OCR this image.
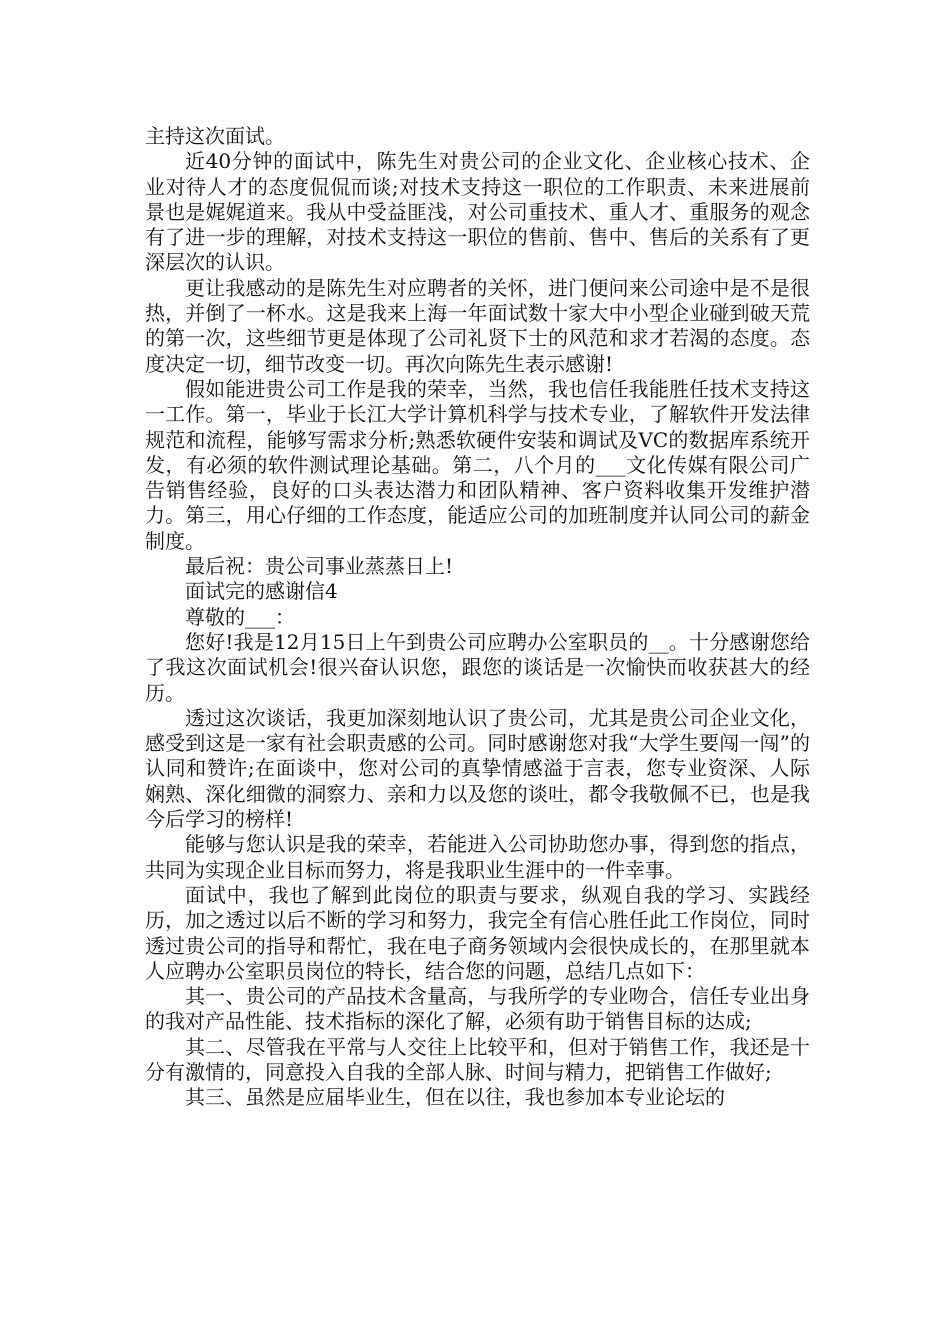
主持这次面试。

近40分钟的面试中，陈先生对贵公司的企业文化、企业核心技术、企业对待人才的态度侃侃而谈;对技术支持这一职位的工作职责、未来进展前景也是娓娓道来。我从中受益匪浅，对公司重技术、重人才、重服务的观念有了进一步的理解，对技术支持这一职位的售前、售中、售后的关系有了更深层次的认识。

更让我感动的是陈先生对应聘者的关怀，进门便问来公司途中是不是很热，并倒了一杯水。这是我来上海一年面试数十家大中小型企业碰到破天荒的第一次，这些细节更是体现了公司礼贤下士的风范和求才若渴的态度。态度决定一切，细节改变一切。再次向陈先生表示感谢!

假如能进贵公司工作是我的荣幸，当然，我也信任我能胜任技术支持这一工作。第一，毕业于长江大学计算机科学与技术专业，了解软件开发法律规范和流程，能够写需求分析;熟悉软硬件安装和调试及VC的数据库系统开发，有必须的软件测试理论基础。第二，八个月的___文化传媒有限公司广告销售经验，良好的口头表达潜力和团队精神、客户资料收集开发维护潜力。第三，用心仔细的工作态度，能适应公司的加班制度并认同公司的薪金制度。

最后祝：贵公司事业蒸蒸日上!

面试完的感谢信4

尊敬的___：

您好!我是12月15日上午到贵公司应聘办公室职员的__。十分感谢您给了我这次面试机会!很兴奋认识您，跟您的谈话是一次愉快而收获甚大的经历。

透过这次谈话，我更加深刻地认识了贵公司，尤其是贵公司企业文化，感受到这是一家有社会职责感的公司。同时感谢您对我“大学生要闯一闯”的认同和赞许;在面谈中，您对公司的真挚情感溢于言表，您专业资深、人际娴熟、深化细微的洞察力、亲和力以及您的谈吐，都令我敬佩不已，也是我今后学习的榜样!

能够与您认识是我的荣幸，若能进入公司协助您办事，得到您的指点，共同为实现企业目标而努力，将是我职业生涯中的一件幸事。

面试中，我也了解到此岗位的职责与要求，纵观自我的学习、实践经历，加之透过以后不断的学习和努力，我完全有信心胜任此工作岗位，同时透过贵公司的指导和帮忙，我在电子商务领域内会很快成长的，在那里就本人应聘办公室职员岗位的特长，结合您的问题，总结几点如下：

其一、贵公司的产品技术含量高，与我所学的专业吻合，信任专业出身的我对产品性能、技术指标的深化了解，必须有助于销售目标的达成;

其二、尽管我在平常与人交往上比较平和，但对于销售工作，我还是十分有激情的，同意投入自我的全部人脉、时间与精力，把销售工作做好;

其三、虽然是应届毕业生，但在以往，我也参加本专业论坛的
